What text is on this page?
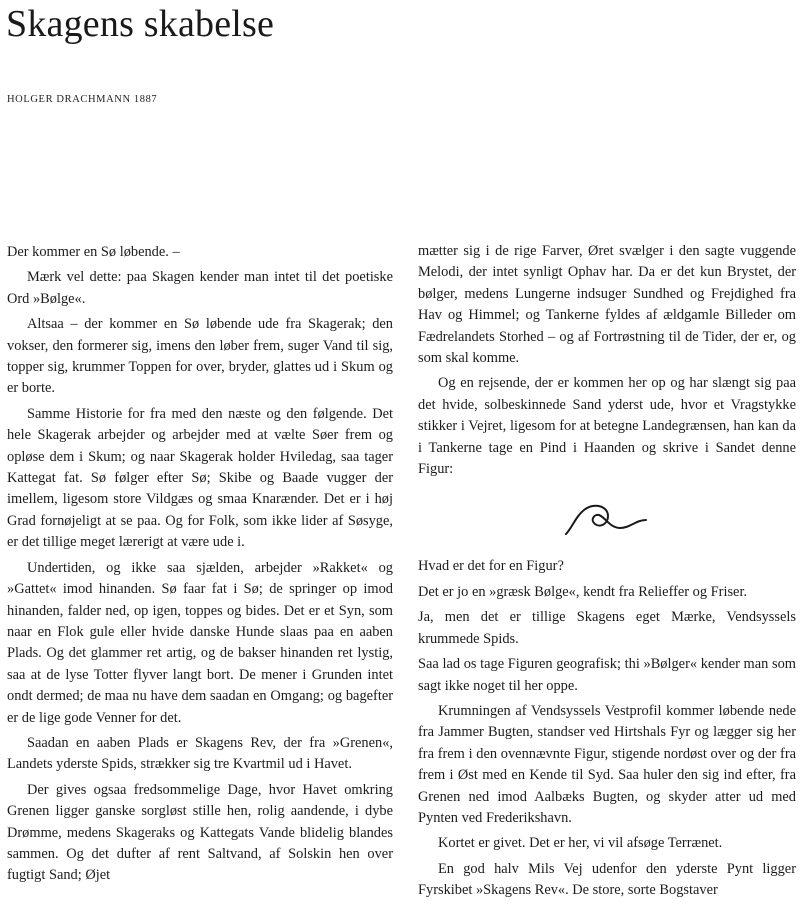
Skagens skabelse
HOLGER DRACHMANN 1887

Der kommer en Sø løbende. –

Mærk vel dette: paa Skagen kender man intet til det poetiske Ord »Bølge«.

Altsaa – der kommer en Sø løbende ude fra Skagerak; den vokser, den formerer sig, imens den løber frem, suger Vand til sig, topper sig, krummer Toppen for over, bryder, glattes ud i Skum og er borte.

Samme Historie for fra med den næste og den følgende. Det hele Skagerak arbejder og arbejder med at vælte Søer frem og opløse dem i Skum; og naar Skagerak holder Hviledag, saa tager Kattegat fat. Sø følger efter Sø; Skibe og Baade vugger der imellem, ligesom store Vildgæs og smaa Knarænder. Det er i høj Grad fornøjeligt at se paa. Og for Folk, som ikke lider af Søsyge, er det tillige meget lærerigt at være ude i.

Undertiden, og ikke saa sjælden, arbejder »Rakket« og »Gattet« imod hinanden. Sø faar fat i Sø; de springer op imod hinanden, falder ned, op igen, toppes og bides. Det er et Syn, som naar en Flok gule eller hvide danske Hunde slaas paa en aaben Plads. Og det glammer ret artig, og de bakser hinanden ret lystig, saa at de lyse Totter flyver langt bort. De mener i Grunden intet ondt dermed; de maa nu have dem saadan en Omgang; og bagefter er de lige gode Venner for det.

Saadan en aaben Plads er Skagens Rev, der fra »Grenen«, Landets yderste Spids, strækker sig tre Kvartmil ud i Havet.

Der gives ogsaa fredsommelige Dage, hvor Havet omkring Grenen ligger ganske sorgløst stille hen, rolig aandende, i dybe Drømme, medens Skageraks og Kattegats Vande blidelig blandes sammen. Og det dufter af rent Saltvand, af Solskin hen over fugtigt Sand; Øjet

mætter sig i de rige Farver, Øret svælger i den sagte vuggende Melodi, der intet synligt Ophav har. Da er det kun Brystet, der bølger, medens Lungerne indsuger Sundhed og Frejdighed fra Hav og Himmel; og Tankerne fyldes af ældgamle Billeder om Fædrelandets Storhed – og af Fortrøstning til de Tider, der er, og som skal komme.

Og en rejsende, der er kommen her op og har slængt sig paa det hvide, solbeskinnede Sand yderst ude, hvor et Vragstykke stikker i Vejret, ligesom for at betegne Landegrænsen, han kan da i Tankerne tage en Pind i Haanden og skrive i Sandet denne Figur:

Hvad er det for en Figur?

Det er jo en »græsk Bølge«, kendt fra Relieffer og Friser.

Ja, men det er tillige Skagens eget Mærke, Vendsyssels krummede Spids.

Saa lad os tage Figuren geografisk; thi »Bølger« kender man som sagt ikke noget til her oppe.

Krumningen af Vendsyssels Vestprofil kommer løbende nede fra Jammer Bugten, standser ved Hirtshals Fyr og lægger sig her fra frem i den ovennævnte Figur, stigende nordøst over og der fra frem i Øst med en Kende til Syd. Saa huler den sig ind efter, fra Grenen ned imod Aalbæks Bugten, og skyder atter ud med Pynten ved Frederikshavn.

Kortet er givet. Det er her, vi vil afsøge Terrænet.

En god halv Mils Vej udenfor den yderste Pynt ligger Fyrskibet »Skagens Rev«. De store, sorte Bogstaver
